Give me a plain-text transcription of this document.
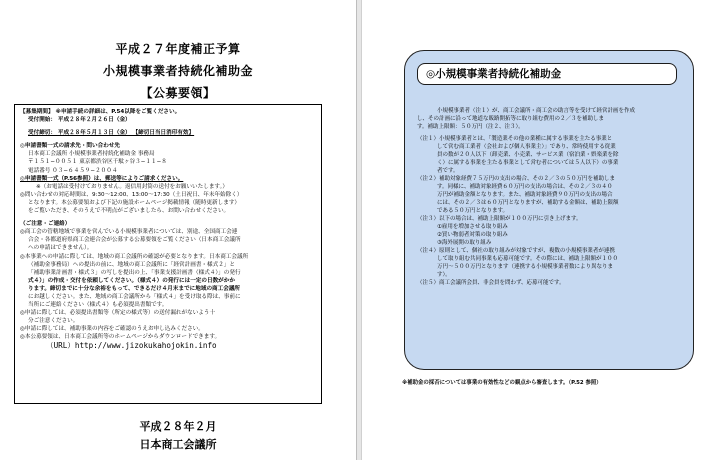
平成２７年度補正予算
小規模事業者持続化補助金
【公募要領】

【募集期間】 ※申請手続の詳細は、P.54以降をご覧ください。

受付開始： 平成２８年２月２６日（金）

受付締切： 平成２８年５月１３日（金） 【締切日当日消印有効】

◎申請書類一式の請求先・問い合わせ先

日本商工会議所 小規模事業者持続化補助金 事務局

〒１５１−００５１ 東京都渋谷区千駄ヶ谷３−１１−８

電話番号 ０３−６４５９−２００４

◎申請書類一式（P.56参照）は、郵送等によりご請求ください。

※（お電話は受付けておりません。返信用封筒の送付をお願いいたします。）

◎問い合わせの対応時間は、9:30〜12:00、13:00〜17:30（土日祝日、年末年始除く）

となります。本公募要領および下記の施設ホームページ掲載情報（随時更新します）

をご覧いただき、そのうえで不明点がございましたら、お問い合わせください。

（ご注意・ご連絡）

◎商工会の管轄地域で事業を営んでいる小規模事業者については、別途、全国商工会連

合会・各都道府県商工会連合会が公募する公募要領をご覧ください（日本商工会議所

への申請はできません）。

◎本事業への申請に際しては、地域の商工会議所の確認が必要となります。日本商工会議所

（補助金事務局）への提出の前に、地域の商工会議所に「経営計画書・様式２」と

「補助事業計画書・様式３」の写しを提出の上、「事業支援計画書（様式４）」の発行

式４）」の作成・交付を依頼してください。（様式４）の発行には一定の日数がかか

ります。締切までに十分な余裕をもって、できるだけ４月末までに地域の商工会議所

にお越しください。また、地域の商工会議所から「様式４」を受け取る際は、事前に

当所にご連絡ください（様式４）も必須提出書類です。

◎申請に際しては、必須提出書類等（所定の様式等）の送付漏れがないよう十

分ご注意ください。

◎申請に際しては、補助事業の内容をご確認のうえお申し込みください。

◎本公募要領は、日本商工会議所等のホームページからダウンロードできます。

（URL）http://www.jizokukahojokin.info

平成２８年２月
日本商工会議所
◎小規模事業者持続化補助金

小規模事業者（注１）が、商工会議所・商工会の助言等を受けて経営計画を作成

し、その計画に沿って地道な販路開拓等に取り組む費用の２／３を補助しま

す。補助上限額：５０万円（注２、注３）。

（注１）小規模事業者とは、「製造業その他の業種に属する事業を主たる事業と

して営む商工業者（会社および個人事業主）」であり、常時使用する従業

員の数が２０人以下（卸売業、小売業、サービス業（宿泊業・娯楽業を除

く）に属する事業を主たる事業として営む者については５人以下）の事業

者です。

（注２）補助対象経費７５万円の支出の場合、その２／３の５０万円を補助しま

す。同様に、補助対象経費６０万円の支出の場合は、その２／３の４０

万円が補助金額となります。また、補助対象経費９０万円の支出の場合

には、その２／３は６０万円となりますが、補助する金額は、補助上限額

である５０万円となります。

（注３）以下の場合は、補助上限額が１００万円に引き上げます。

①雇用を増加させる取り組み

②買い物弱者対策の取り組み

③海外展開の取り組み

（注４）原則として、個社の取り組みが対象ですが、複数の小規模事業者が連携

して取り組む共同事業も応募可能です。その際には、補助上限額が１００

万円〜５００万円となります（連携する小規模事業者数により異なりま

す）。

（注５）商工会議所会員、非会員を問わず、応募可能です。

※補助金の採否については事業の有効性などの観点から審査します。（P.52 参照）
